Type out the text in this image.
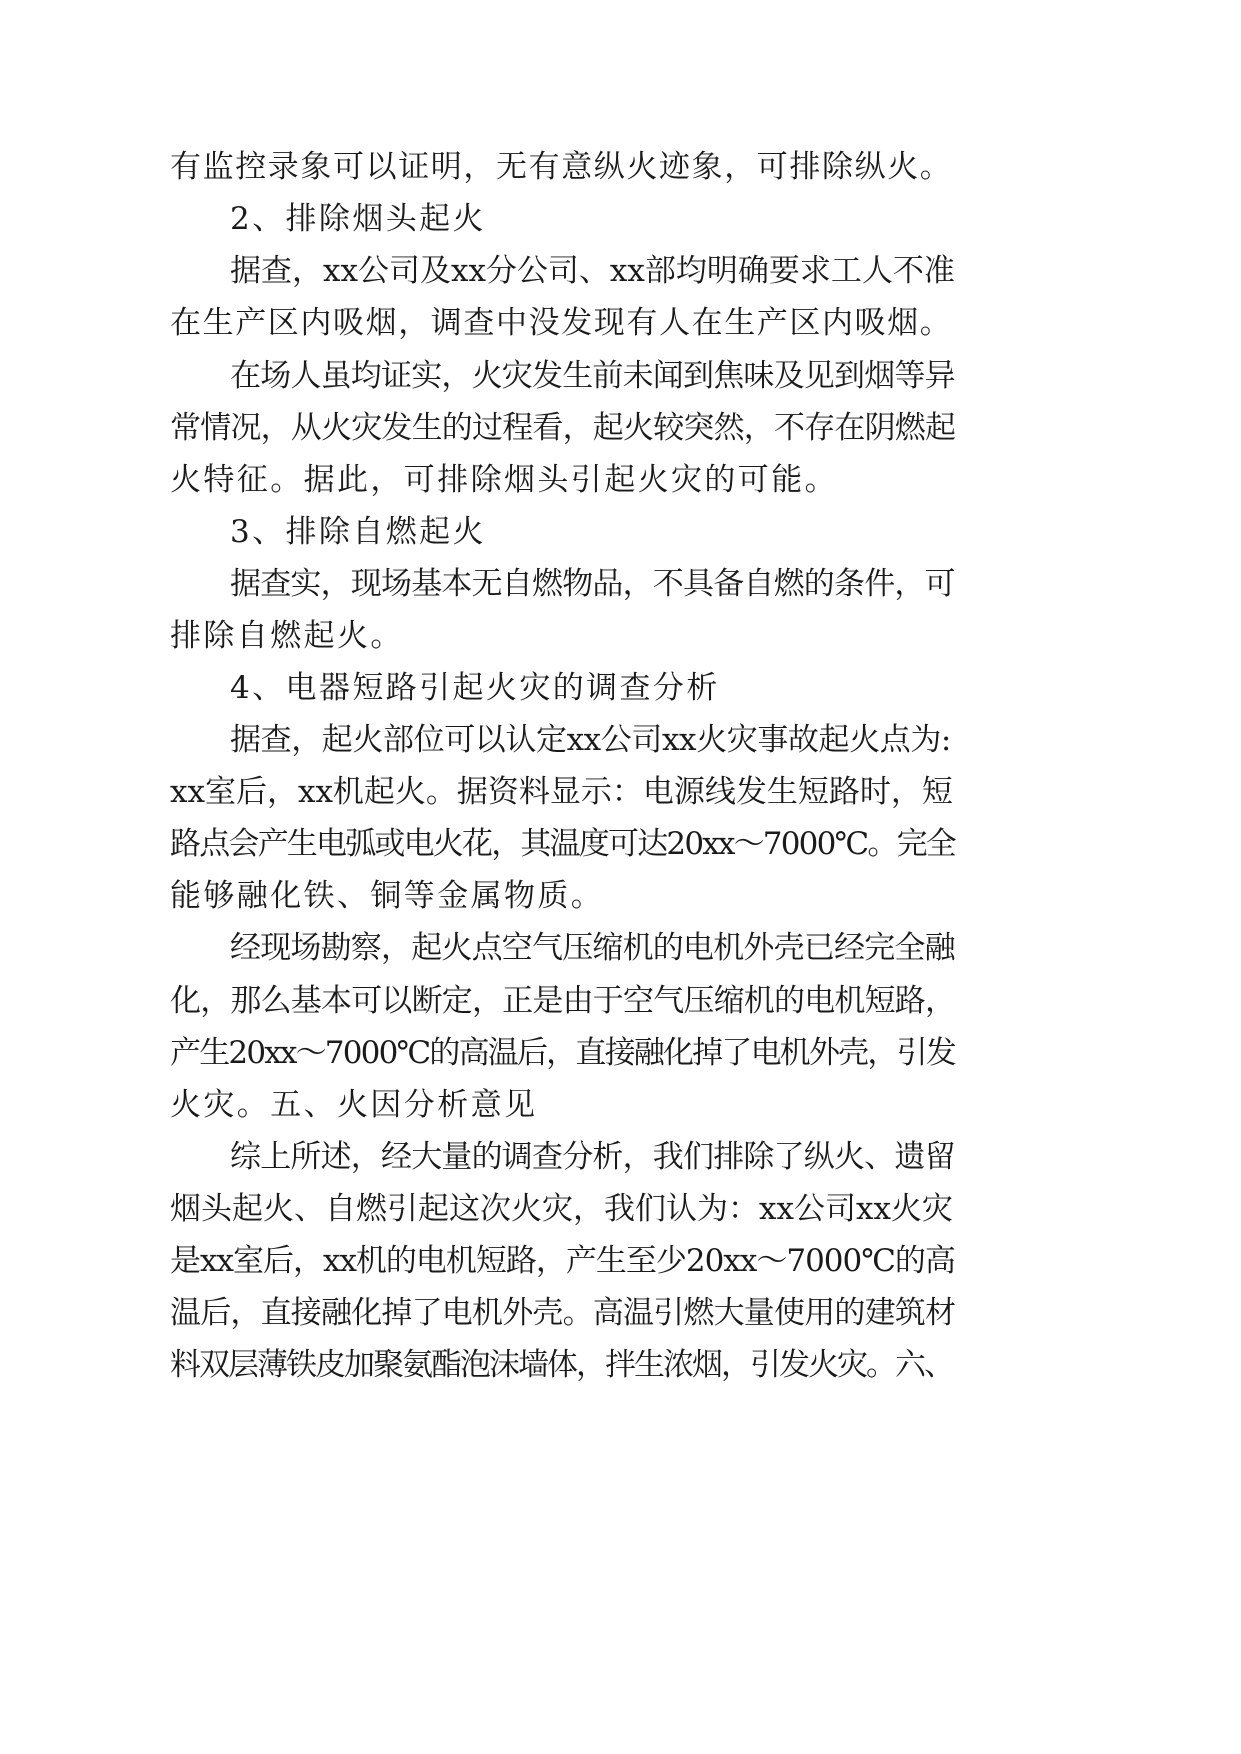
有监控录象可以证明，无有意纵火迹象，可排除纵火。
2、排除烟头起火
据查，xx公司及xx分公司、xx部均明确要求工人不准
在生产区内吸烟，调查中没发现有人在生产区内吸烟。
在场人虽均证实，火灾发生前未闻到焦味及见到烟等异
常情况，从火灾发生的过程看，起火较突然，不存在阴燃起
火特征。据此，可排除烟头引起火灾的可能。
3、排除自燃起火
据查实，现场基本无自燃物品，不具备自燃的条件，可
排除自燃起火。
4、电器短路引起火灾的调查分析
据查，起火部位可以认定xx公司xx火灾事故起火点为:
xx室后，xx机起火。据资料显示：电源线发生短路时，短
路点会产生电弧或电火花，其温度可达20xx～7000℃。完全
能够融化铁、铜等金属物质。
经现场勘察，起火点空气压缩机的电机外壳已经完全融
化，那么基本可以断定，正是由于空气压缩机的电机短路，
产生20xx～7000℃的高温后，直接融化掉了电机外壳，引发
火灾。五、火因分析意见
综上所述，经大量的调查分析，我们排除了纵火、遗留
烟头起火、自燃引起这次火灾，我们认为：xx公司xx火灾
是xx室后，xx机的电机短路，产生至少20xx～7000℃的高
温后，直接融化掉了电机外壳。高温引燃大量使用的建筑材
料双层薄铁皮加聚氨酯泡沫墙体，拌生浓烟，引发火灾。六、
